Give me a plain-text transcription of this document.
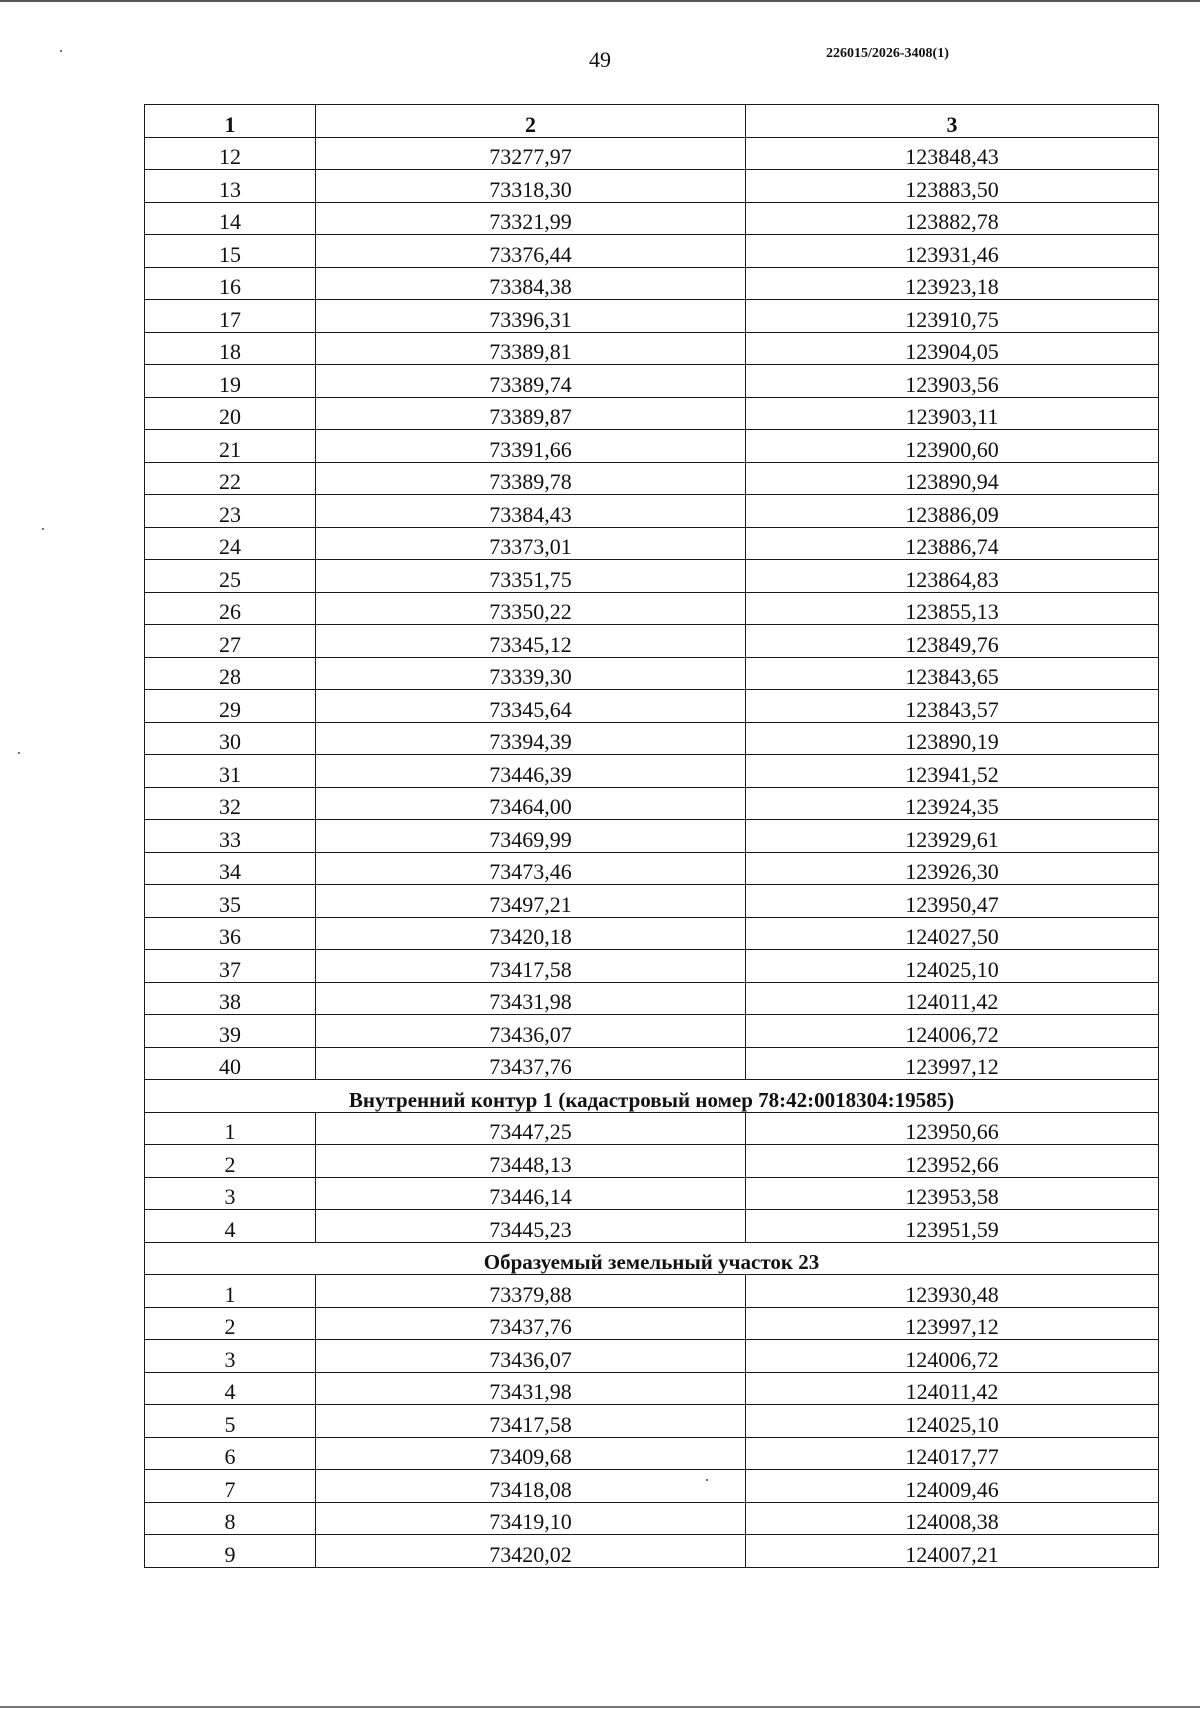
49	226015/2026-3408(1)
1	2	3
12	73277,97	123848,43
13	73318,30	123883,50
14	73321,99	123882,78
15	73376,44	123931,46
16	73384,38	123923,18
17	73396,31	123910,75
18	73389,81	123904,05
19	73389,74	123903,56
20	73389,87	123903,11
21	73391,66	123900,60
22	73389,78	123890,94
23	73384,43	123886,09
24	73373,01	123886,74
25	73351,75	123864,83
26	73350,22	123855,13
27	73345,12	123849,76
28	73339,30	123843,65
29	73345,64	123843,57
30	73394,39	123890,19
31	73446,39	123941,52
32	73464,00	123924,35
33	73469,99	123929,61
34	73473,46	123926,30
35	73497,21	123950,47
36	73420,18	124027,50
37	73417,58	124025,10
38	73431,98	124011,42
39	73436,07	124006,72
40	73437,76	123997,12
Внутренний контур 1 (кадастровый номер 78:42:0018304:19585)		
1	73447,25	123950,66
2	73448,13	123952,66
3	73446,14	123953,58
4	73445,23	123951,59
Образуемый земельный участок 23		
1	73379,88	123930,48
2	73437,76	123997,12
3	73436,07	124006,72
4	73431,98	124011,42
5	73417,58	124025,10
6	73409,68	124017,77
7	73418,08	124009,46
8	73419,10	124008,38
9	73420,02	124007,21
